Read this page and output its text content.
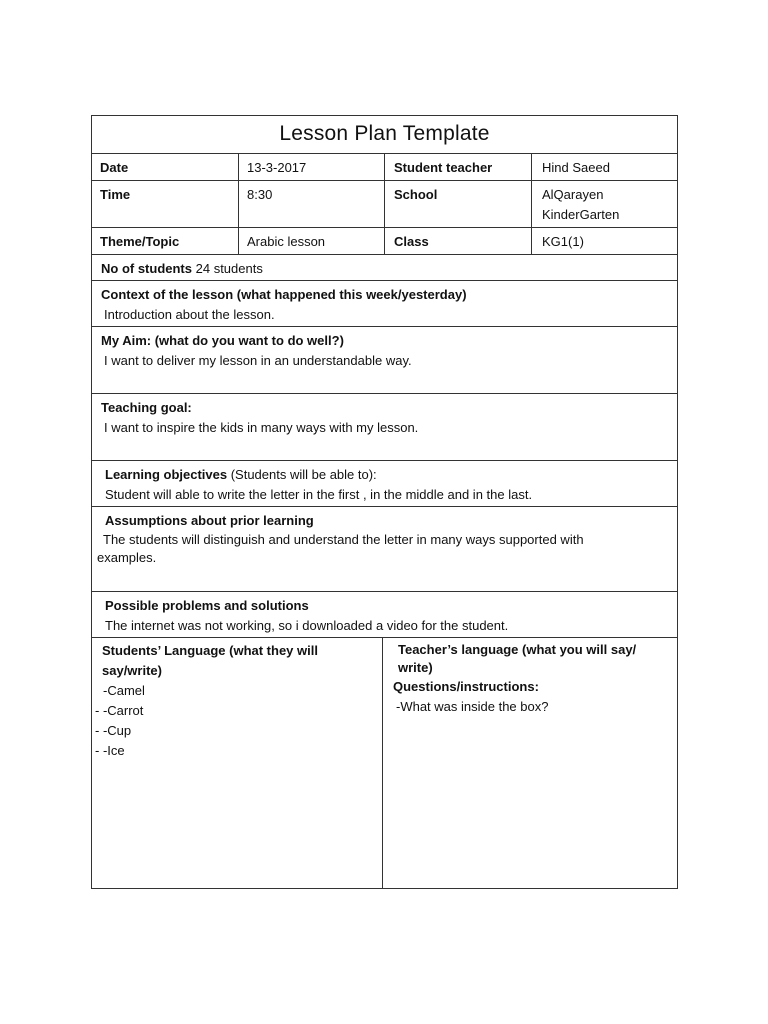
Lesson Plan Template
Date	13-3-2017	Student teacher	Hind Saeed
Time	8:30	School	AlQarayen
KinderGarten
Theme/Topic	Arabic lesson	Class	KG1(1)
No of students 24 students
Context of the lesson (what happened this week/yesterday)
Introduction about the lesson.
My Aim: (what do you want to do well?)
I want to deliver my lesson in an understandable way.
Teaching goal:
I want to inspire the kids in many ways with my lesson.
Learning objectives (Students will be able to):
Student will able to write the letter in the first , in the middle and in the last.
Assumptions about prior learning
The students will distinguish and understand the letter in many ways supported with
examples.
Possible problems and solutions
The internet was not working, so i downloaded a video for the student.
Students’ Language (what they will
say/write)
-Camel
- -Carrot
- -Cup
- -Ice
Teacher’s language (what you will say/
write)
Questions/instructions:
-What was inside the box?
